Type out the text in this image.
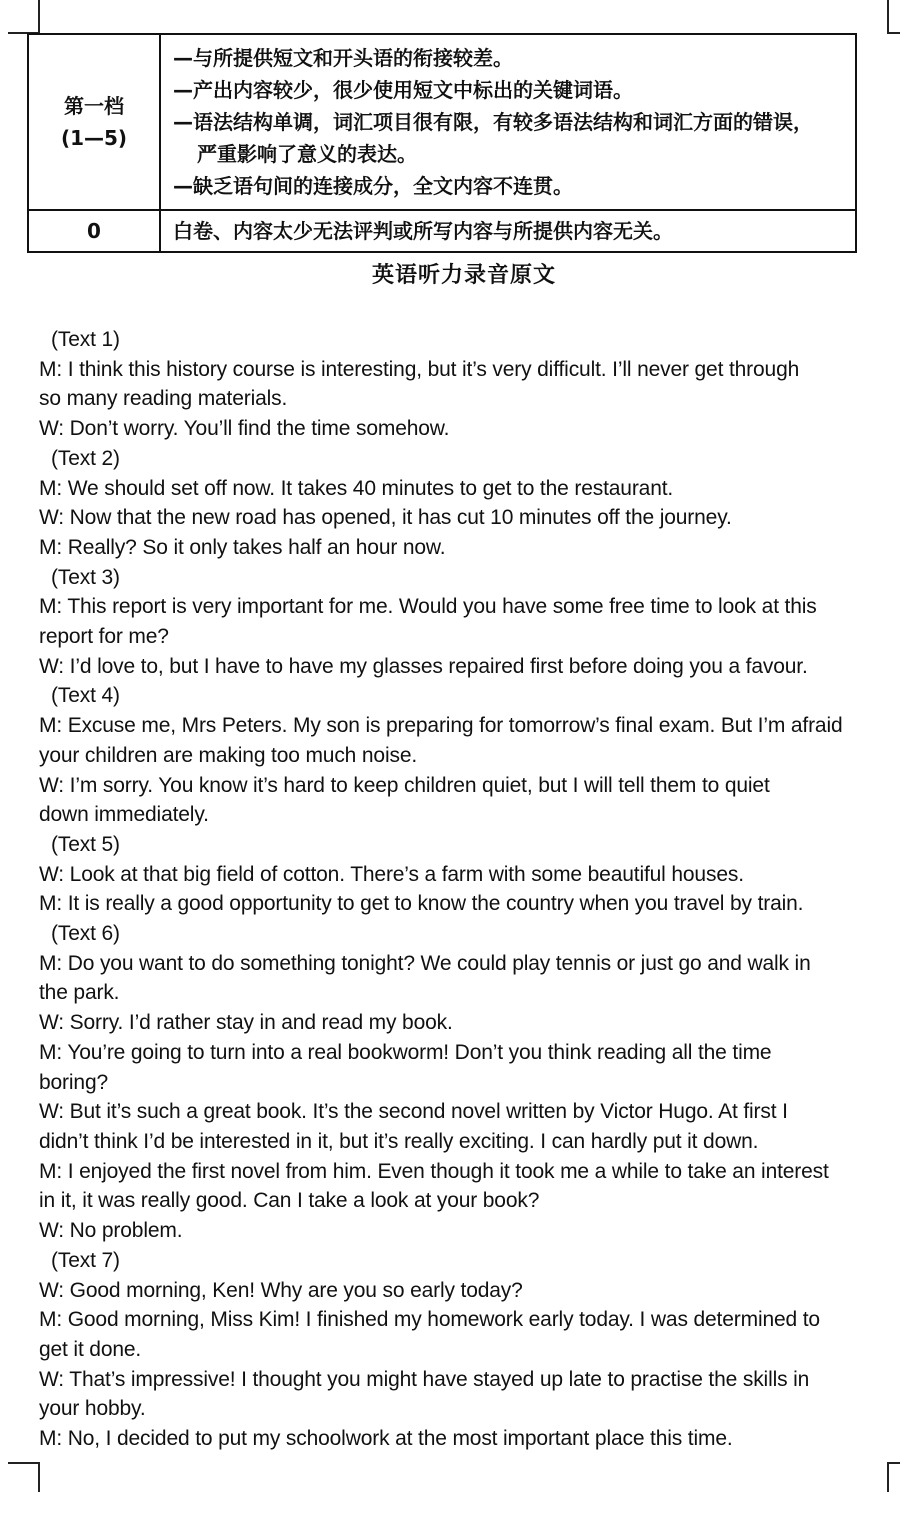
第一档
(1—5)	—与所提供短文和开头语的衔接较差。
—产出内容较少，很少使用短文中标出的关键词语。
—语法结构单调，词汇项目很有限，有较多语法结构和词汇方面的错误，
严重影响了意义的表达。
—缺乏语句间的连接成分，全文内容不连贯。

0	白卷、内容太少无法评判或所写内容与所提供内容无关。
英语听力录音原文
(Text 1)
M: I think this history course is interesting, but it’s very difficult. I’ll never get through
so many reading materials.
W: Don’t worry. You’ll find the time somehow.
(Text 2)
M: We should set off now. It takes 40 minutes to get to the restaurant.
W: Now that the new road has opened, it has cut 10 minutes off the journey.
M: Really? So it only takes half an hour now.
(Text 3)
M: This report is very important for me. Would you have some free time to look at this
report for me?
W: I’d love to, but I have to have my glasses repaired first before doing you a favour.
(Text 4)
M: Excuse me, Mrs Peters. My son is preparing for tomorrow’s final exam. But I’m afraid
your children are making too much noise.
W: I’m sorry. You know it’s hard to keep children quiet, but I will tell them to quiet
down immediately.
(Text 5)
W: Look at that big field of cotton. There’s a farm with some beautiful houses.
M: It is really a good opportunity to get to know the country when you travel by train.
(Text 6)
M: Do you want to do something tonight? We could play tennis or just go and walk in
the park.
W: Sorry. I’d rather stay in and read my book.
M: You’re going to turn into a real bookworm! Don’t you think reading all the time
boring?
W: But it’s such a great book. It’s the second novel written by Victor Hugo. At first I
didn’t think I’d be interested in it, but it’s really exciting. I can hardly put it down.
M: I enjoyed the first novel from him. Even though it took me a while to take an interest
in it, it was really good. Can I take a look at your book?
W: No problem.
(Text 7)
W: Good morning, Ken! Why are you so early today?
M: Good morning, Miss Kim! I finished my homework early today. I was determined to
get it done.
W: That’s impressive! I thought you might have stayed up late to practise the skills in
your hobby.
M: No, I decided to put my schoolwork at the most important place this time.
